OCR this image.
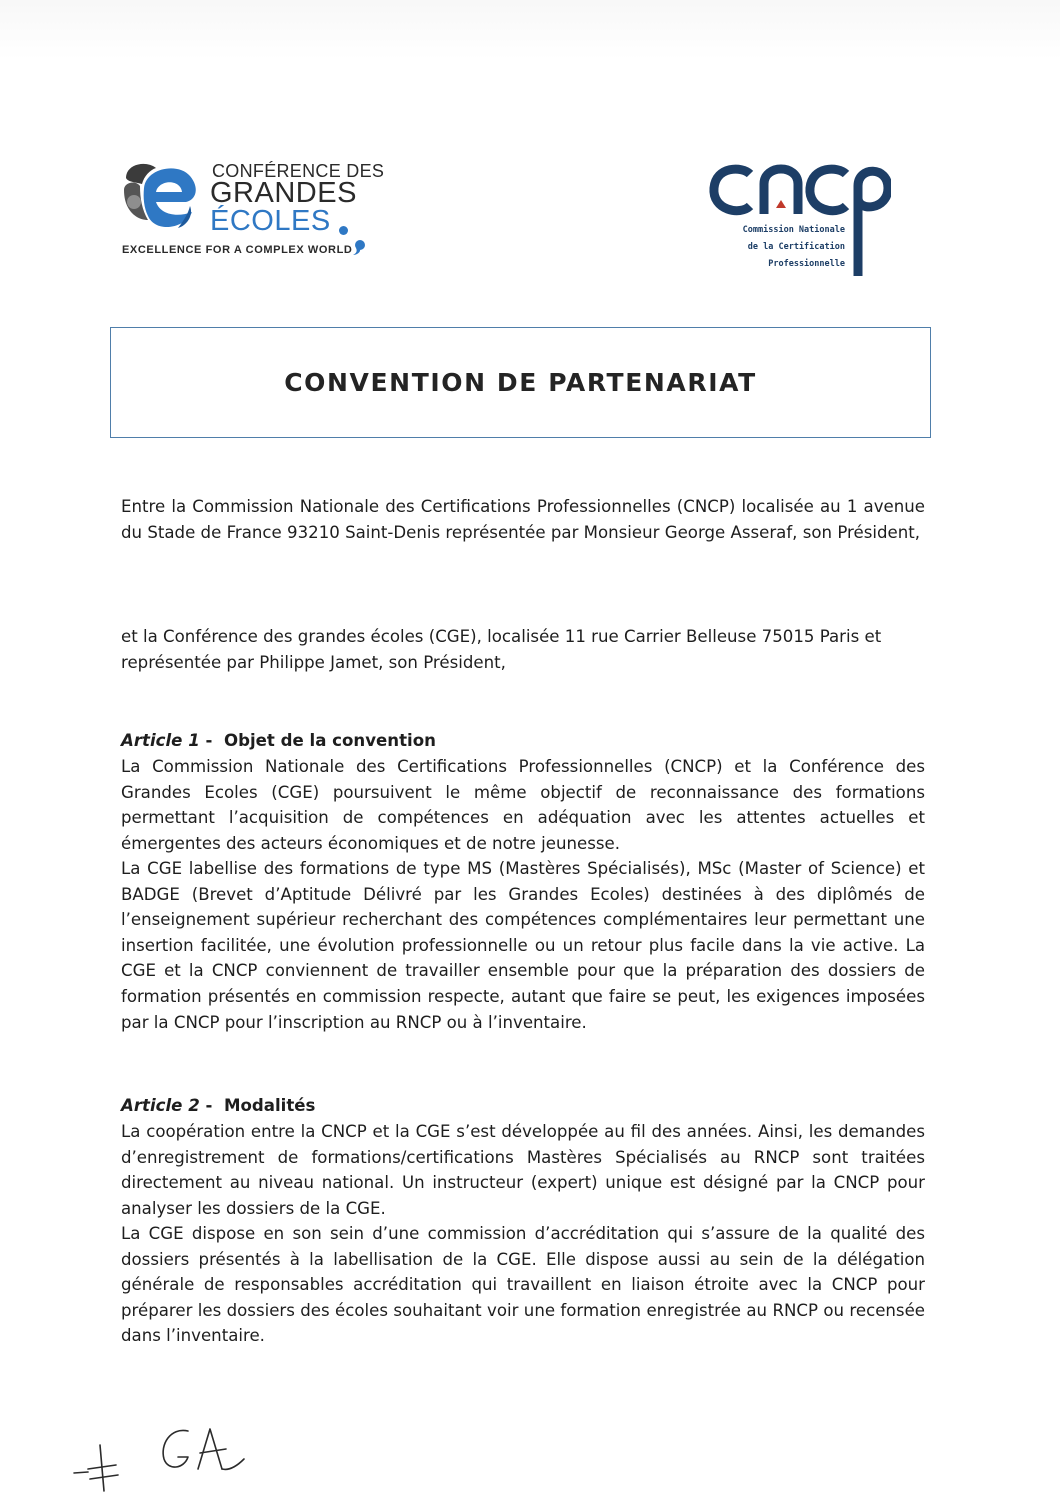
CONFÉRENCE DES
GRANDES
ÉCOLES
EXCELLENCE FOR A COMPLEX WORLD
Commission Nationale
de la Certification
Professionnelle
CONVENTION DE PARTENARIAT

Entre la Commission Nationale des Certifications Professionnelles (CNCP) localisée au 1 avenue du Stade de France 93210 Saint-Denis représentée par Monsieur George Asseraf, son Président,

et la Conférence des grandes écoles (CGE), localisée 11 rue Carrier Belleuse 75015 Paris et représentée par Philippe Jamet, son Président,

Article 1 -  Objet de la convention

La Commission Nationale des Certifications Professionnelles (CNCP) et la Conférence des Grandes Ecoles (CGE) poursuivent le même objectif de reconnaissance des formations permettant l’acquisition de compétences en adéquation avec les attentes actuelles et émergentes des acteurs économiques et de notre jeunesse.

La CGE labellise des formations de type MS (Mastères Spécialisés), MSc (Master of Science) et BADGE (Brevet d’Aptitude Délivré par les Grandes Ecoles) destinées à des diplômés de l’enseignement supérieur recherchant des compétences complémentaires leur permettant une insertion facilitée, une évolution professionnelle ou un retour plus facile dans la vie active. La CGE et la CNCP conviennent de travailler ensemble pour que la préparation des dossiers de formation présentés en commission respecte, autant que faire se peut, les exigences imposées par la CNCP pour l’inscription au RNCP ou à l’inventaire.

Article 2 -  Modalités

La coopération entre la CNCP et la CGE s’est développée au fil des années. Ainsi, les demandes d’enregistrement de formations/certifications Mastères Spécialisés au RNCP sont traitées directement au niveau national. Un instructeur (expert) unique est désigné par la CNCP pour analyser les dossiers de la CGE.

La CGE dispose en son sein d’une commission d’accréditation qui s’assure de la qualité des dossiers présentés à la labellisation de la CGE. Elle dispose aussi au sein de la délégation générale de responsables accréditation qui travaillent en liaison étroite avec la CNCP pour préparer les dossiers des écoles souhaitant voir une formation enregistrée au RNCP ou recensée dans l’inventaire.
